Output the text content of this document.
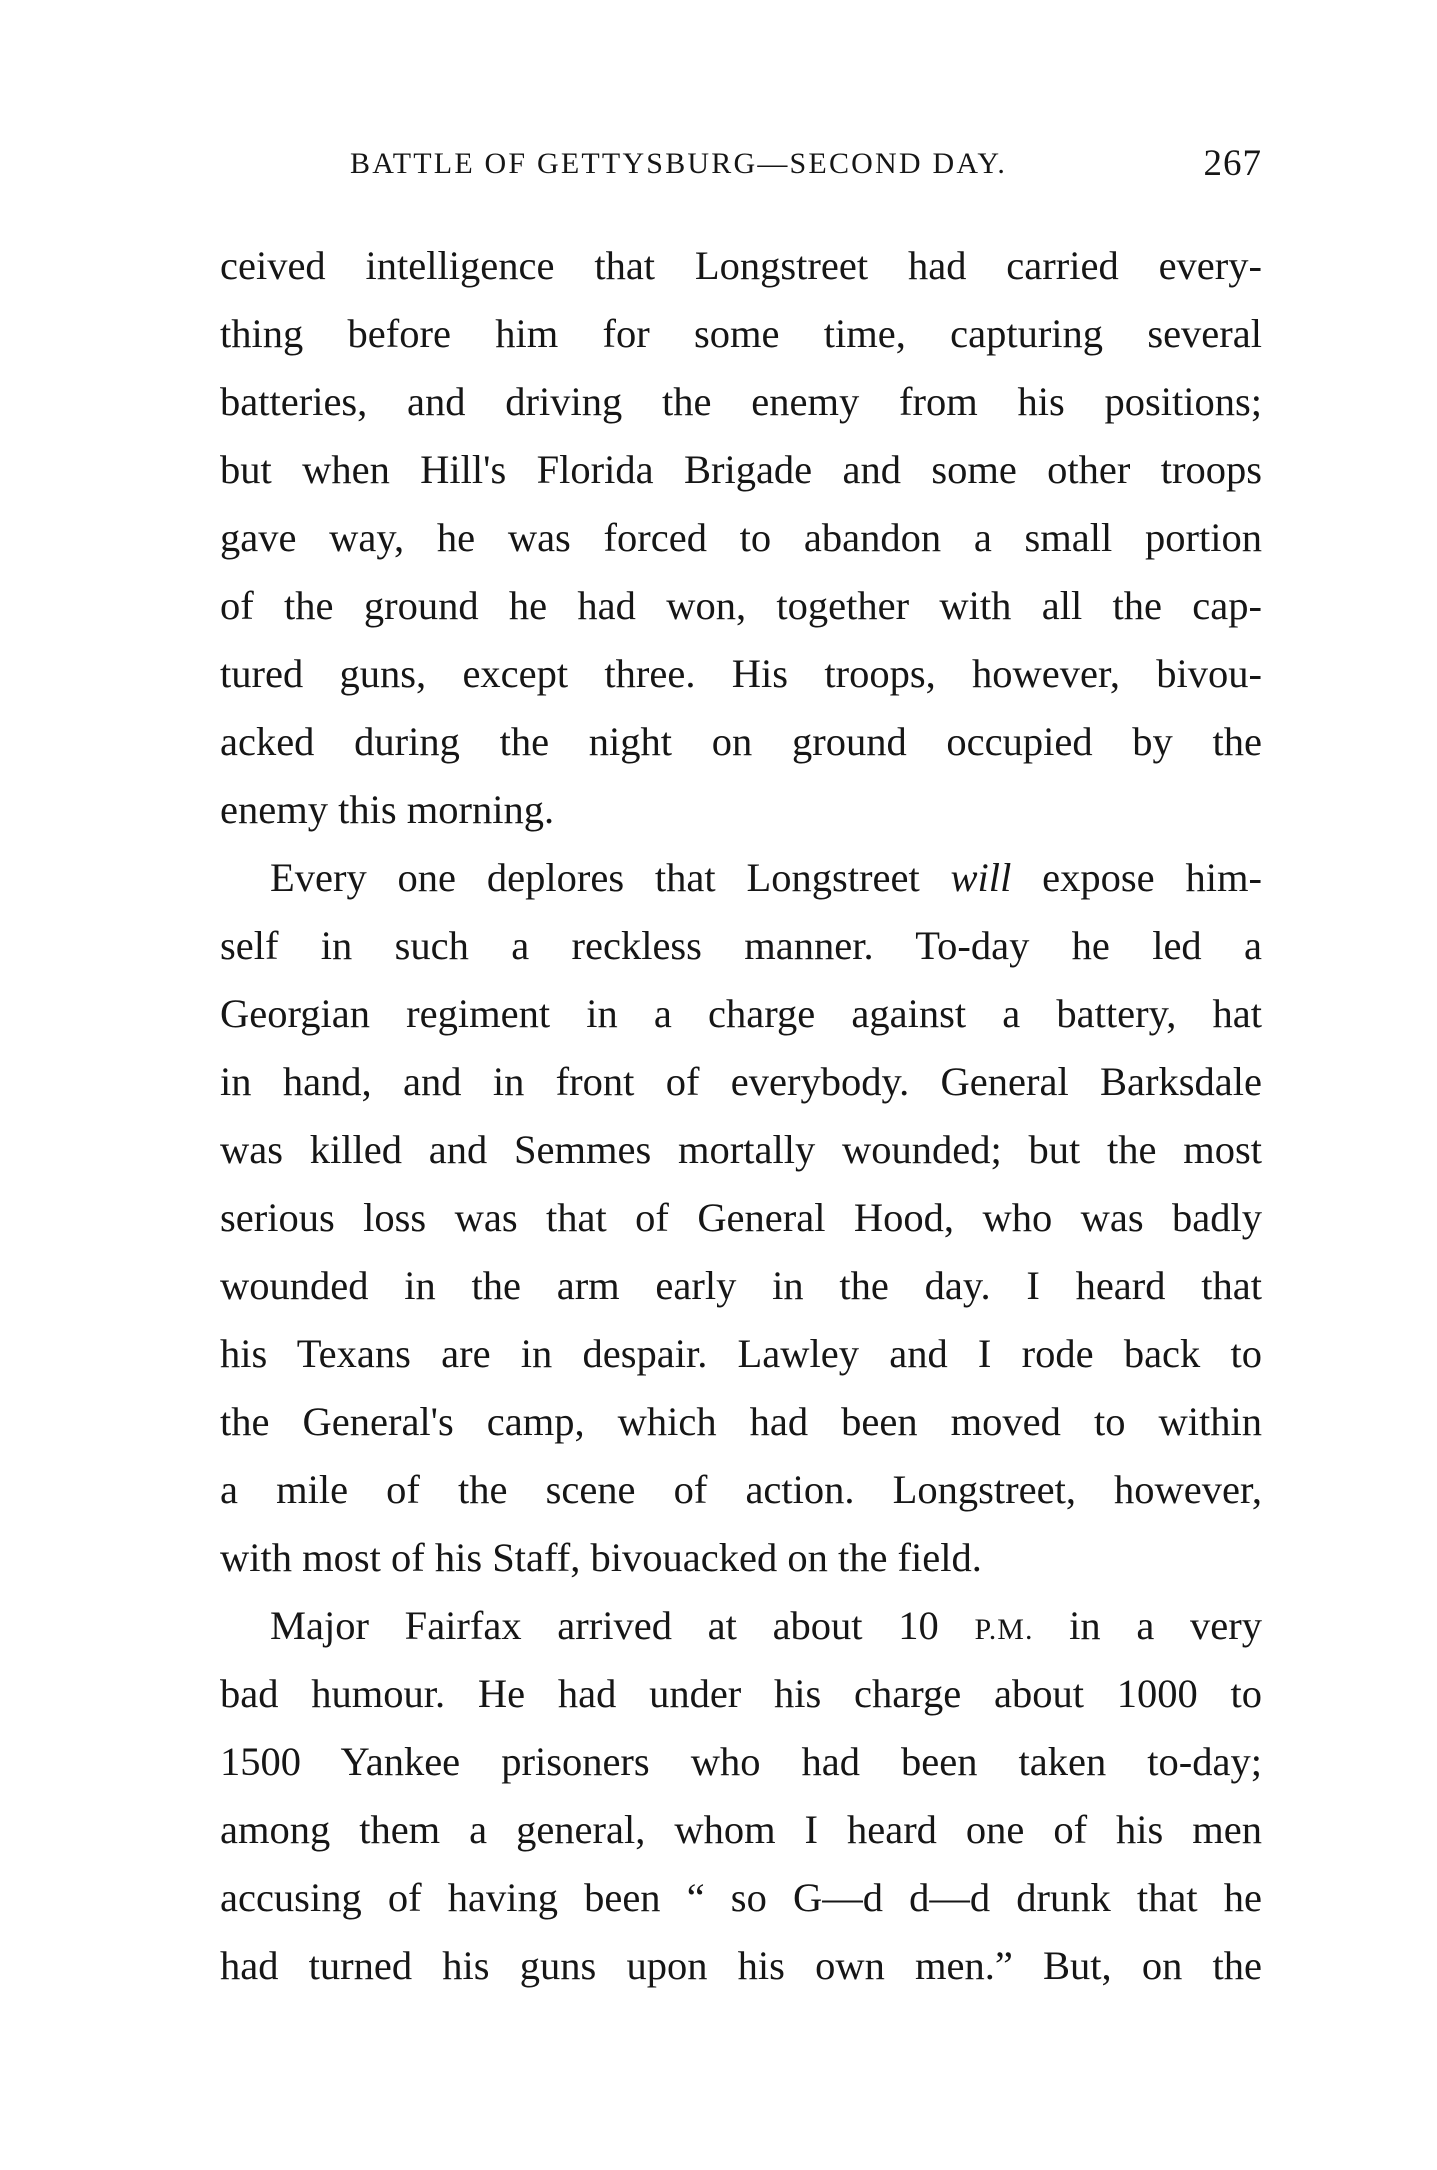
BATTLE OF GETTYSBURG—SECOND DAY.	267
ceived intelligence that Longstreet had carried every-
thing before him for some time, capturing several
batteries, and driving the enemy from his positions;
but when Hill's Florida Brigade and some other troops
gave way, he was forced to abandon a small portion
of the ground he had won, together with all the cap-
tured guns, except three. His troops, however, bivou-
acked during the night on ground occupied by the
enemy this morning.
Every one deplores that Longstreet will expose him-
self in such a reckless manner. To-day he led a
Georgian regiment in a charge against a battery, hat
in hand, and in front of everybody. General Barksdale
was killed and Semmes mortally wounded; but the most
serious loss was that of General Hood, who was badly
wounded in the arm early in the day. I heard that
his Texans are in despair. Lawley and I rode back to
the General's camp, which had been moved to within
a mile of the scene of action. Longstreet, however,
with most of his Staff, bivouacked on the field.
Major Fairfax arrived at about 10 P.M. in a very
bad humour. He had under his charge about 1000 to
1500 Yankee prisoners who had been taken to-day;
among them a general, whom I heard one of his men
accusing of having been “ so G—d d—d drunk that he
had turned his guns upon his own men.” But, on the
